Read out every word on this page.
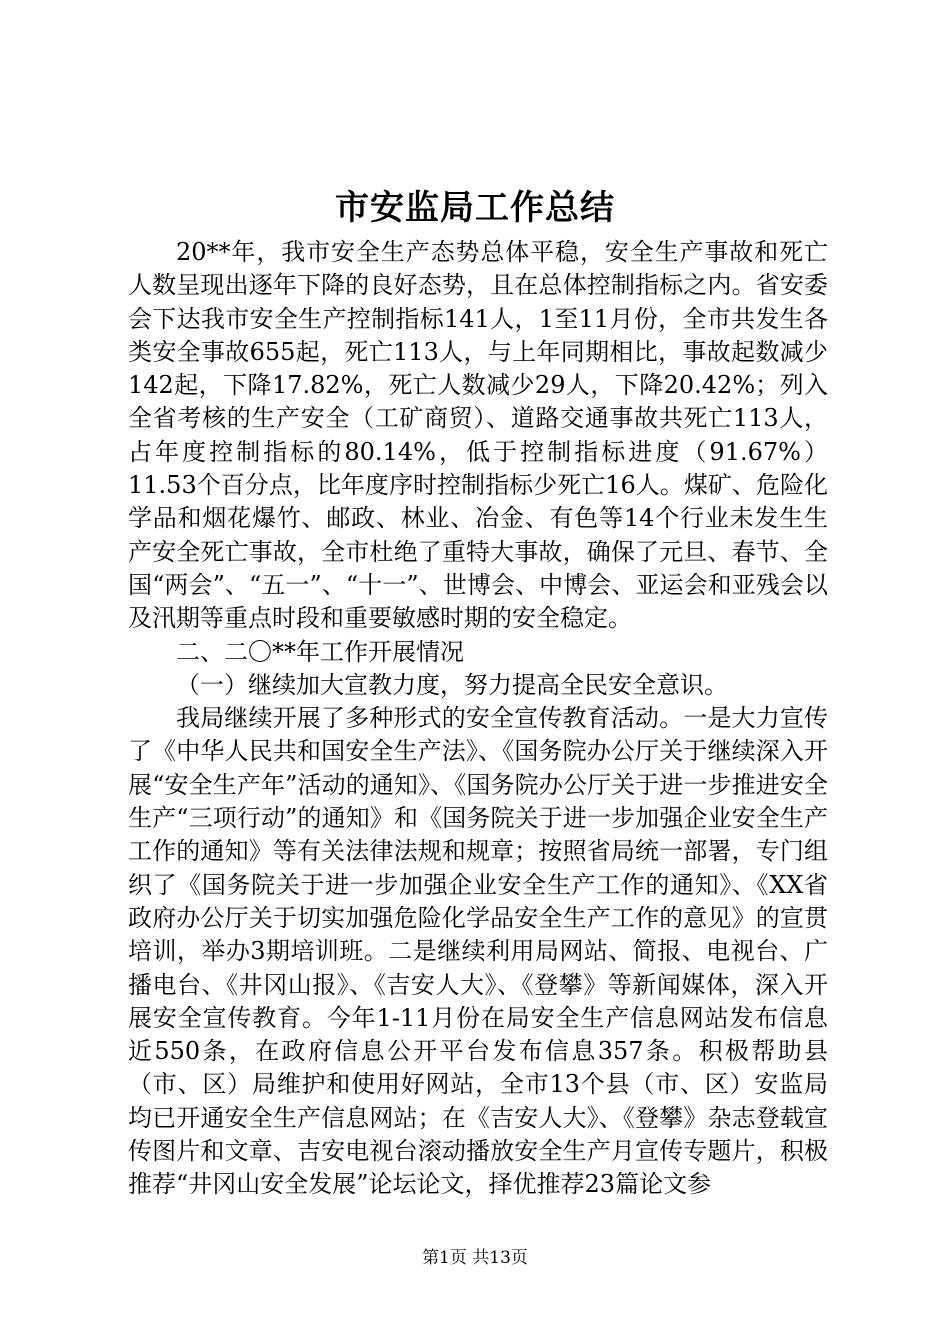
市安监局工作总结

20**年，我市安全生产态势总体平稳，安全生产事故和死亡人数呈现出逐年下降的良好态势，且在总体控制指标之内。省安委会下达我市安全生产控制指标141人，1至11月份，全市共发生各类安全事故655起，死亡113人，与上年同期相比，事故起数减少142起，下降17.82%，死亡人数减少29人，下降20.42%；列入全省考核的生产安全（工矿商贸）、道路交通事故共死亡113人，占年度控制指标的80.14%，低于控制指标进度（91.67%）11.53个百分点，比年度序时控制指标少死亡16人。煤矿、危险化学品和烟花爆竹、邮政、林业、冶金、有色等14个行业未发生生产安全死亡事故，全市杜绝了重特大事故，确保了元旦、春节、全国“两会”、“五一”、“十一”、世博会、中博会、亚运会和亚残会以及汛期等重点时段和重要敏感时期的安全稳定。

二、二〇**年工作开展情况

（一）继续加大宣教力度，努力提高全民安全意识。

我局继续开展了多种形式的安全宣传教育活动。一是大力宣传了《中华人民共和国安全生产法》、《国务院办公厅关于继续深入开展“安全生产年”活动的通知》、《国务院办公厅关于进一步推进安全生产“三项行动”的通知》和《国务院关于进一步加强企业安全生产工作的通知》等有关法律法规和规章；按照省局统一部署，专门组织了《国务院关于进一步加强企业安全生产工作的通知》、《XX省政府办公厅关于切实加强危险化学品安全生产工作的意见》的宣贯培训，举办3期培训班。二是继续利用局网站、简报、电视台、广播电台、《井冈山报》、《吉安人大》、《登攀》等新闻媒体，深入开展安全宣传教育。今年1-11月份在局安全生产信息网站发布信息近550条，在政府信息公开平台发布信息357条。积极帮助县（市、区）局维护和使用好网站，全市13个县（市、区）安监局均已开通安全生产信息网站；在《吉安人大》、《登攀》杂志登载宣传图片和文章、吉安电视台滚动播放安全生产月宣传专题片，积极推荐“井冈山安全发展”论坛论文，择优推荐23篇论文参

第1页 共13页
